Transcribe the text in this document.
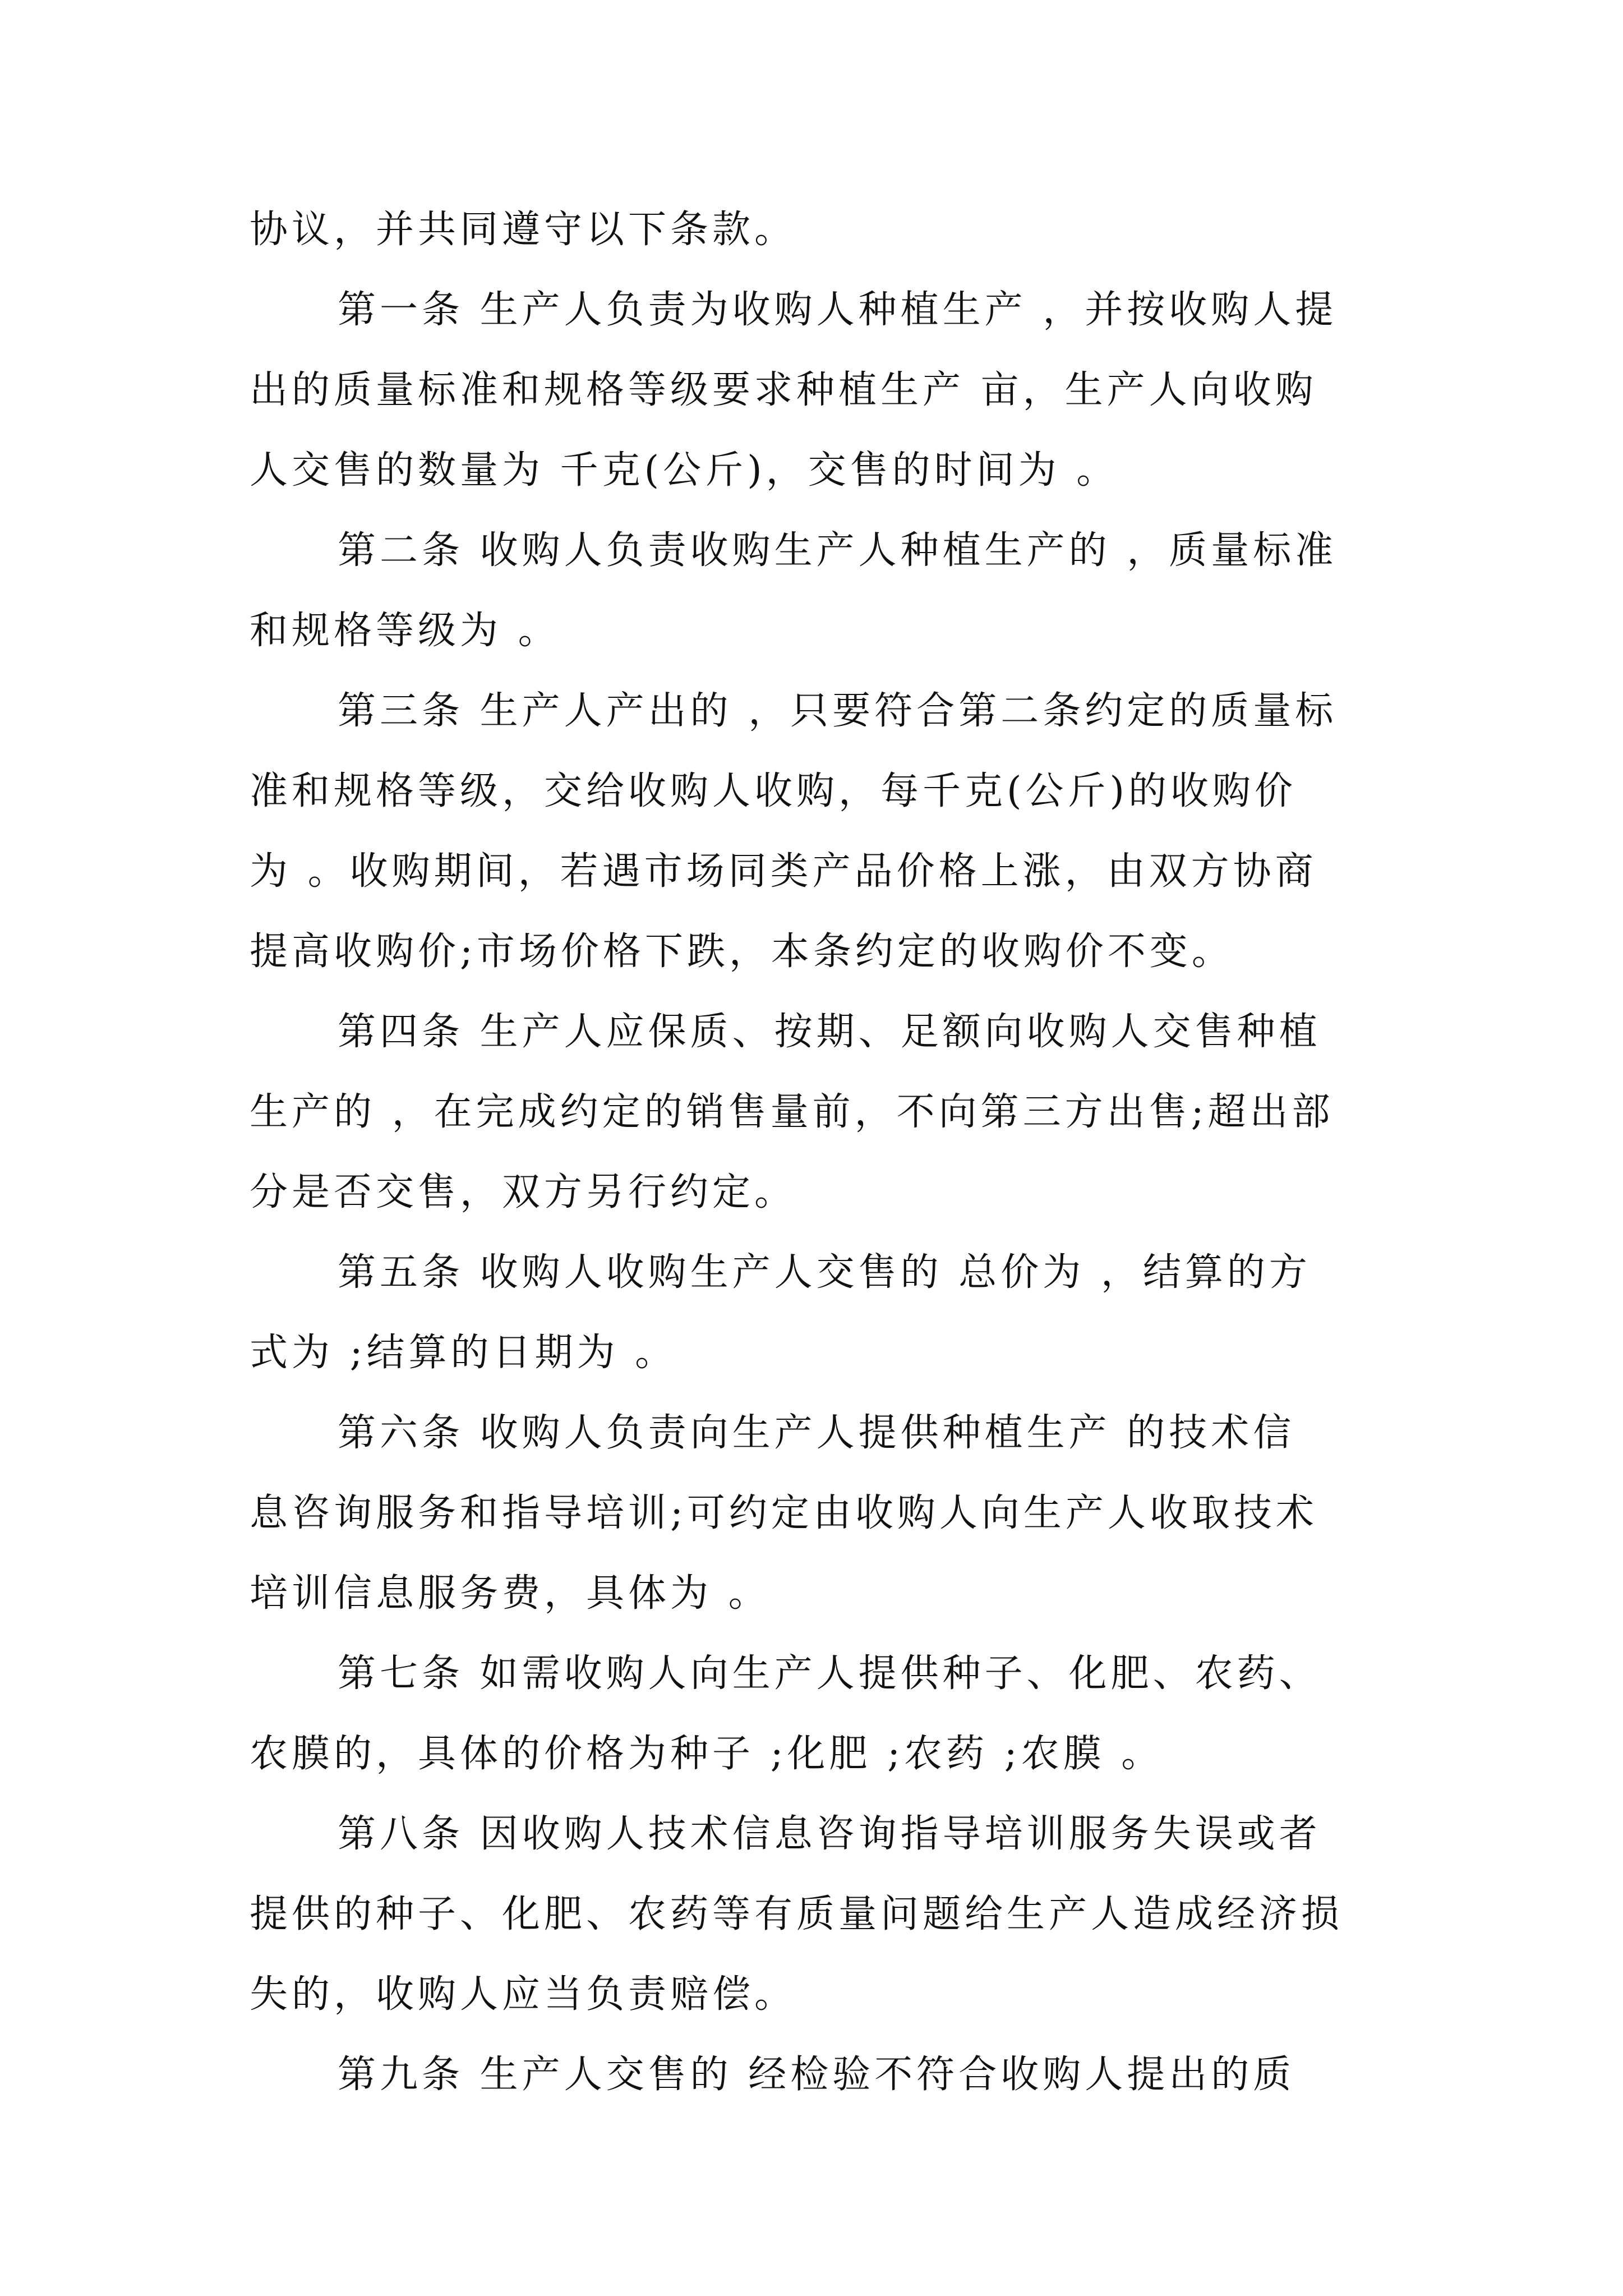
协议，并共同遵守以下条款。
第一条 生产人负责为收购人种植生产 ，并按收购人提
出的质量标准和规格等级要求种植生产 亩，生产人向收购
人交售的数量为 千克(公斤)，交售的时间为 。
第二条 收购人负责收购生产人种植生产的 ，质量标准
和规格等级为 。
第三条 生产人产出的 ，只要符合第二条约定的质量标
准和规格等级，交给收购人收购，每千克(公斤)的收购价
为 。收购期间，若遇市场同类产品价格上涨，由双方协商
提高收购价;市场价格下跌，本条约定的收购价不变。
第四条 生产人应保质、按期、足额向收购人交售种植
生产的 ，在完成约定的销售量前，不向第三方出售;超出部
分是否交售，双方另行约定。
第五条 收购人收购生产人交售的 总价为 ，结算的方
式为 ;结算的日期为 。
第六条 收购人负责向生产人提供种植生产 的技术信
息咨询服务和指导培训;可约定由收购人向生产人收取技术
培训信息服务费，具体为 。
第七条 如需收购人向生产人提供种子、化肥、农药、
农膜的，具体的价格为种子 ;化肥 ;农药 ;农膜 。
第八条 因收购人技术信息咨询指导培训服务失误或者
提供的种子、化肥、农药等有质量问题给生产人造成经济损
失的，收购人应当负责赔偿。
第九条 生产人交售的 经检验不符合收购人提出的质
